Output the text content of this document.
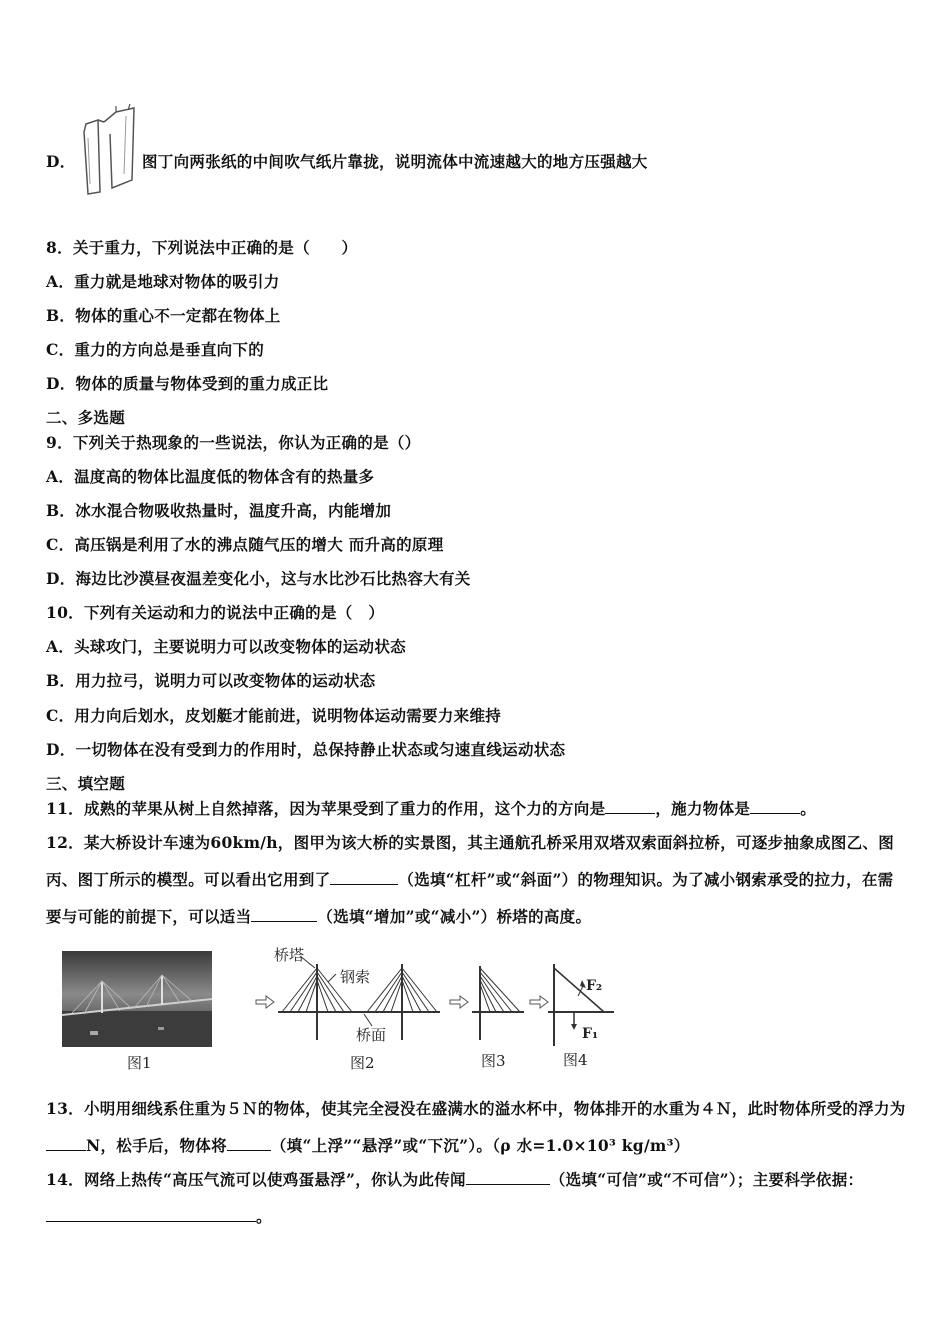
D．	图丁向两张纸的中间吹气纸片靠拢，说明流体中流速越大的地方压强越大
8．关于重力，下列说法中正确的是（　　）
A．重力就是地球对物体的吸引力
B．物体的重心不一定都在物体上
C．重力的方向总是垂直向下的
D．物体的质量与物体受到的重力成正比
二、多选题
9．下列关于热现象的一些说法，你认为正确的是（）
A．温度高的物体比温度低的物体含有的热量多
B．冰水混合物吸收热量时，温度升高，内能增加
C．高压锅是利用了水的沸点随气压的增大 而升高的原理
D．海边比沙漠昼夜温差变化小，这与水比沙石比热容大有关
10．下列有关运动和力的说法中正确的是（　）
A．头球攻门，主要说明力可以改变物体的运动状态
B．用力拉弓，说明力可以改变物体的运动状态
C．用力向后划水，皮划艇才能前进，说明物体运动需要力来维持
D．一切物体在没有受到力的作用时，总保持静止状态或匀速直线运动状态
三、填空题
11．成熟的苹果从树上自然掉落，因为苹果受到了重力的作用，这个力的方向是	，施力物体是	。
12．某大桥设计车速为60km/h，图甲为该大桥的实景图，其主通航孔桥采用双塔双索面斜拉桥，可逐步抽象成图乙、图丙、图丁所示的模型。可以看出它用到了	（选填“杠杆”或“斜面”）的物理知识。为了减小钢索承受的拉力，在需要与可能的前提下，可以适当	（选填“增加”或“减小”）桥塔的高度。
图1
桥塔
钢索
桥面
图2	图3
F₂
F₁
图4
13．小明用细线系住重为５Ｎ的物体，使其完全浸没在盛满水的溢水杯中，物体排开的水重为４Ｎ，此时物体所受的浮力为N，松手后，物体将	（填“上浮”“悬浮”或“下沉”）。（ρ 水=1.0×10³ kg/m³）
14．网络上热传“高压气流可以使鸡蛋悬浮”，你认为此传闻	（选填“可信”或“不可信”）；主要科学依据：。
